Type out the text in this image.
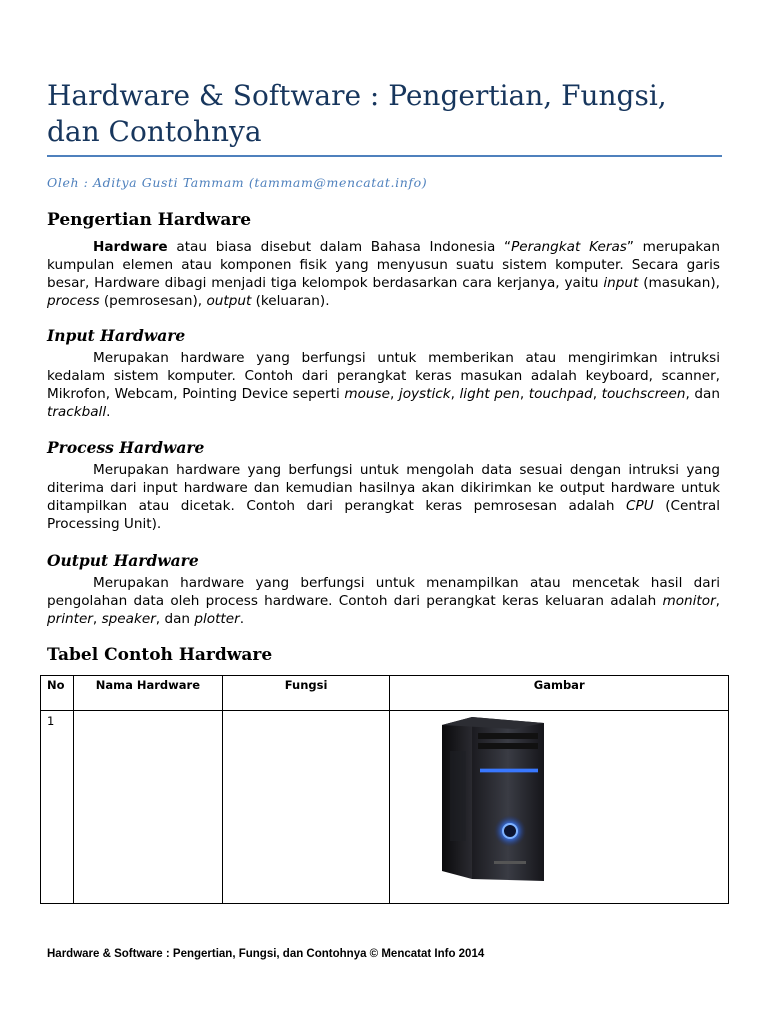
Hardware & Software : Pengertian, Fungsi, dan Contohnya
Oleh : Aditya Gusti Tammam (tammam@mencatat.info)
Pengertian Hardware

Hardware atau biasa disebut dalam Bahasa Indonesia “Perangkat Keras” merupakan kumpulan elemen atau komponen fisik yang menyusun suatu sistem komputer. Secara garis besar, Hardware dibagi menjadi tiga kelompok berdasarkan cara kerjanya, yaitu input (masukan), process (pemrosesan), output (keluaran).

Input Hardware

Merupakan hardware yang berfungsi untuk memberikan atau mengirimkan intruksi kedalam sistem komputer. Contoh dari perangkat keras masukan adalah keyboard, scanner, Mikrofon, Webcam, Pointing Device seperti mouse, joystick, light pen, touchpad, touchscreen, dan trackball.

Process Hardware

Merupakan hardware yang berfungsi untuk mengolah data sesuai dengan intruksi yang diterima dari input hardware dan kemudian hasilnya akan dikirimkan ke output hardware untuk ditampilkan atau dicetak. Contoh dari perangkat keras pemrosesan adalah CPU (Central Processing Unit).

Output Hardware

Merupakan hardware yang berfungsi untuk menampilkan atau mencetak hasil dari pengolahan data oleh process hardware. Contoh dari perangkat keras keluaran adalah monitor, printer, speaker, dan plotter.

Tabel Contoh Hardware
No	Nama Hardware	Fungsi	Gambar
1			
Hardware & Software : Pengertian, Fungsi, dan Contohnya © Mencatat Info 2014
